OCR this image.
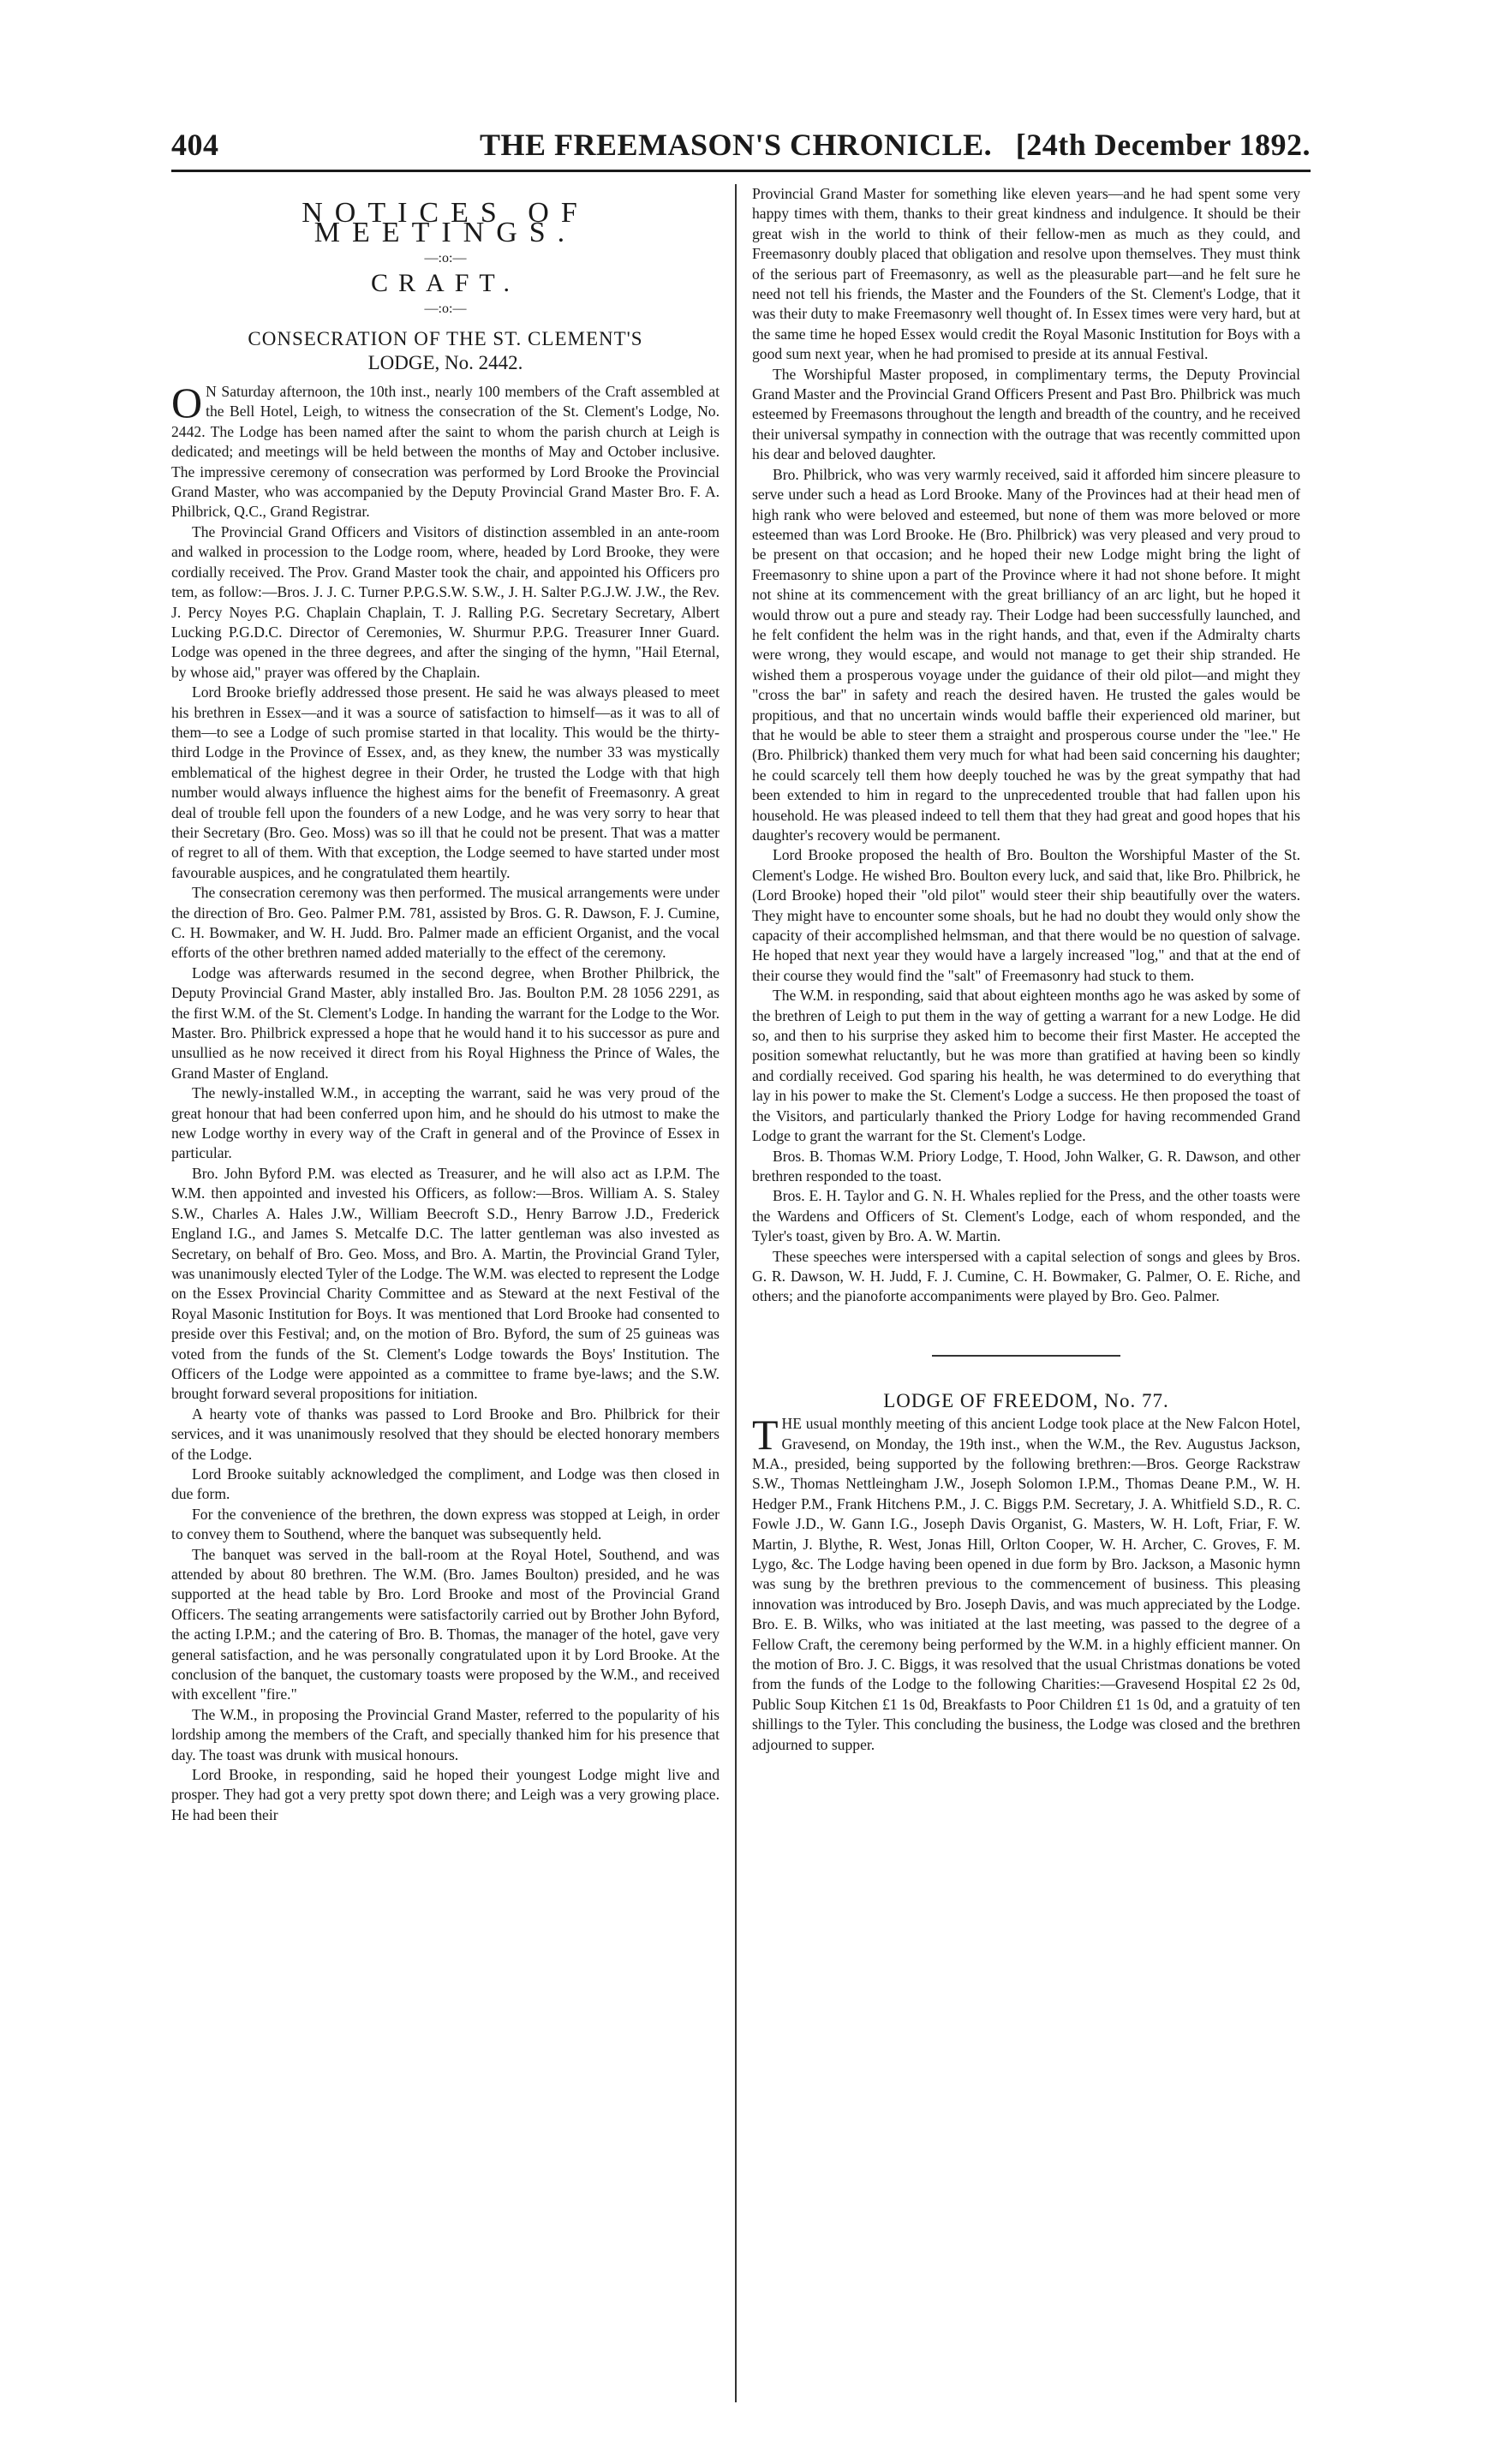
404	THE FREEMASON'S CHRONICLE. [24th December 1892.
NOTICES OF MEETINGS.
—:o:—
CRAFT.
—:o:—
CONSECRATION OF THE ST. CLEMENT'S
LODGE, No. 2442.

O N Saturday afternoon, the 10th inst., nearly 100 members of the Craft assembled at the Bell Hotel, Leigh, to witness the consecration of the St. Clement's Lodge, No. 2442. The Lodge has been named after the saint to whom the parish church at Leigh is dedicated; and meetings will be held between the months of May and October inclusive. The impressive ceremony of consecration was performed by Lord Brooke the Provincial Grand Master, who was accompanied by the Deputy Provincial Grand Master Bro. F. A. Philbrick, Q.C., Grand Registrar.

The Provincial Grand Officers and Visitors of distinction assembled in an ante-room and walked in procession to the Lodge room, where, headed by Lord Brooke, they were cordially received. The Prov. Grand Master took the chair, and appointed his Officers pro tem, as follow:—Bros. J. J. C. Turner P.P.G.S.W. S.W., J. H. Salter P.G.J.W. J.W., the Rev. J. Percy Noyes P.G. Chaplain Chaplain, T. J. Ralling P.G. Secretary Secretary, Albert Lucking P.G.D.C. Director of Ceremonies, W. Shurmur P.P.G. Treasurer Inner Guard. Lodge was opened in the three degrees, and after the singing of the hymn, "Hail Eternal, by whose aid," prayer was offered by the Chaplain.

Lord Brooke briefly addressed those present. He said he was always pleased to meet his brethren in Essex—and it was a source of satisfaction to himself—as it was to all of them—to see a Lodge of such promise started in that locality. This would be the thirty-third Lodge in the Province of Essex, and, as they knew, the number 33 was mystically emblematical of the highest degree in their Order, he trusted the Lodge with that high number would always influence the highest aims for the benefit of Freemasonry. A great deal of trouble fell upon the founders of a new Lodge, and he was very sorry to hear that their Secretary (Bro. Geo. Moss) was so ill that he could not be present. That was a matter of regret to all of them. With that exception, the Lodge seemed to have started under most favourable auspices, and he congratulated them heartily.

The consecration ceremony was then performed. The musical arrangements were under the direction of Bro. Geo. Palmer P.M. 781, assisted by Bros. G. R. Dawson, F. J. Cumine, C. H. Bowmaker, and W. H. Judd. Bro. Palmer made an efficient Organist, and the vocal efforts of the other brethren named added materially to the effect of the ceremony.

Lodge was afterwards resumed in the second degree, when Brother Philbrick, the Deputy Provincial Grand Master, ably installed Bro. Jas. Boulton P.M. 28 1056 2291, as the first W.M. of the St. Clement's Lodge. In handing the warrant for the Lodge to the Wor. Master. Bro. Philbrick expressed a hope that he would hand it to his successor as pure and unsullied as he now received it direct from his Royal Highness the Prince of Wales, the Grand Master of England.

The newly-installed W.M., in accepting the warrant, said he was very proud of the great honour that had been conferred upon him, and he should do his utmost to make the new Lodge worthy in every way of the Craft in general and of the Province of Essex in particular.

Bro. John Byford P.M. was elected as Treasurer, and he will also act as I.P.M. The W.M. then appointed and invested his Officers, as follow:—Bros. William A. S. Staley S.W., Charles A. Hales J.W., William Beecroft S.D., Henry Barrow J.D., Frederick England I.G., and James S. Metcalfe D.C. The latter gentleman was also invested as Secretary, on behalf of Bro. Geo. Moss, and Bro. A. Martin, the Provincial Grand Tyler, was unanimously elected Tyler of the Lodge. The W.M. was elected to represent the Lodge on the Essex Provincial Charity Committee and as Steward at the next Festival of the Royal Masonic Institution for Boys. It was mentioned that Lord Brooke had consented to preside over this Festival; and, on the motion of Bro. Byford, the sum of 25 guineas was voted from the funds of the St. Clement's Lodge towards the Boys' Institution. The Officers of the Lodge were appointed as a committee to frame bye-laws; and the S.W. brought forward several propositions for initiation.

A hearty vote of thanks was passed to Lord Brooke and Bro. Philbrick for their services, and it was unanimously resolved that they should be elected honorary members of the Lodge.

Lord Brooke suitably acknowledged the compliment, and Lodge was then closed in due form.

For the convenience of the brethren, the down express was stopped at Leigh, in order to convey them to Southend, where the banquet was subsequently held.

The banquet was served in the ball-room at the Royal Hotel, Southend, and was attended by about 80 brethren. The W.M. (Bro. James Boulton) presided, and he was supported at the head table by Bro. Lord Brooke and most of the Provincial Grand Officers. The seating arrangements were satisfactorily carried out by Brother John Byford, the acting I.P.M.; and the catering of Bro. B. Thomas, the manager of the hotel, gave very general satisfaction, and he was personally congratulated upon it by Lord Brooke. At the conclusion of the banquet, the customary toasts were proposed by the W.M., and received with excellent "fire."

The W.M., in proposing the Provincial Grand Master, referred to the popularity of his lordship among the members of the Craft, and specially thanked him for his presence that day. The toast was drunk with musical honours.

Lord Brooke, in responding, said he hoped their youngest Lodge might live and prosper. They had got a very pretty spot down there; and Leigh was a very growing place. He had been their

Provincial Grand Master for something like eleven years—and he had spent some very happy times with them, thanks to their great kindness and indulgence. It should be their great wish in the world to think of their fellow-men as much as they could, and Freemasonry doubly placed that obligation and resolve upon themselves. They must think of the serious part of Freemasonry, as well as the pleasurable part—and he felt sure he need not tell his friends, the Master and the Founders of the St. Clement's Lodge, that it was their duty to make Freemasonry well thought of. In Essex times were very hard, but at the same time he hoped Essex would credit the Royal Masonic Institution for Boys with a good sum next year, when he had promised to preside at its annual Festival.

The Worshipful Master proposed, in complimentary terms, the Deputy Provincial Grand Master and the Provincial Grand Officers Present and Past Bro. Philbrick was much esteemed by Freemasons throughout the length and breadth of the country, and he received their universal sympathy in connection with the outrage that was recently committed upon his dear and beloved daughter.

Bro. Philbrick, who was very warmly received, said it afforded him sincere pleasure to serve under such a head as Lord Brooke. Many of the Provinces had at their head men of high rank who were beloved and esteemed, but none of them was more beloved or more esteemed than was Lord Brooke. He (Bro. Philbrick) was very pleased and very proud to be present on that occasion; and he hoped their new Lodge might bring the light of Freemasonry to shine upon a part of the Province where it had not shone before. It might not shine at its commencement with the great brilliancy of an arc light, but he hoped it would throw out a pure and steady ray. Their Lodge had been successfully launched, and he felt confident the helm was in the right hands, and that, even if the Admiralty charts were wrong, they would escape, and would not manage to get their ship stranded. He wished them a prosperous voyage under the guidance of their old pilot—and might they "cross the bar" in safety and reach the desired haven. He trusted the gales would be propitious, and that no uncertain winds would baffle their experienced old mariner, but that he would be able to steer them a straight and prosperous course under the "lee." He (Bro. Philbrick) thanked them very much for what had been said concerning his daughter; he could scarcely tell them how deeply touched he was by the great sympathy that had been extended to him in regard to the unprecedented trouble that had fallen upon his household. He was pleased indeed to tell them that they had great and good hopes that his daughter's recovery would be permanent.

Lord Brooke proposed the health of Bro. Boulton the Worshipful Master of the St. Clement's Lodge. He wished Bro. Boulton every luck, and said that, like Bro. Philbrick, he (Lord Brooke) hoped their "old pilot" would steer their ship beautifully over the waters. They might have to encounter some shoals, but he had no doubt they would only show the capacity of their accomplished helmsman, and that there would be no question of salvage. He hoped that next year they would have a largely increased "log," and that at the end of their course they would find the "salt" of Freemasonry had stuck to them.

The W.M. in responding, said that about eighteen months ago he was asked by some of the brethren of Leigh to put them in the way of getting a warrant for a new Lodge. He did so, and then to his surprise they asked him to become their first Master. He accepted the position somewhat reluctantly, but he was more than gratified at having been so kindly and cordially received. God sparing his health, he was determined to do everything that lay in his power to make the St. Clement's Lodge a success. He then proposed the toast of the Visitors, and particularly thanked the Priory Lodge for having recommended Grand Lodge to grant the warrant for the St. Clement's Lodge.

Bros. B. Thomas W.M. Priory Lodge, T. Hood, John Walker, G. R. Dawson, and other brethren responded to the toast.

Bros. E. H. Taylor and G. N. H. Whales replied for the Press, and the other toasts were the Wardens and Officers of St. Clement's Lodge, each of whom responded, and the Tyler's toast, given by Bro. A. W. Martin.

These speeches were interspersed with a capital selection of songs and glees by Bros. G. R. Dawson, W. H. Judd, F. J. Cumine, C. H. Bowmaker, G. Palmer, O. E. Riche, and others; and the pianoforte accompaniments were played by Bro. Geo. Palmer.

LODGE OF FREEDOM, No. 77.

THE usual monthly meeting of this ancient Lodge took place at the New Falcon Hotel, Gravesend, on Monday, the 19th inst., when the W.M., the Rev. Augustus Jackson, M.A., presided, being supported by the following brethren:—Bros. George Rackstraw S.W., Thomas Nettleingham J.W., Joseph Solomon I.P.M., Thomas Deane P.M., W. H. Hedger P.M., Frank Hitchens P.M., J. C. Biggs P.M. Secretary, J. A. Whitfield S.D., R. C. Fowle J.D., W. Gann I.G., Joseph Davis Organist, G. Masters, W. H. Loft, Friar, F. W. Martin, J. Blythe, R. West, Jonas Hill, Orlton Cooper, W. H. Archer, C. Groves, F. M. Lygo, &c. The Lodge having been opened in due form by Bro. Jackson, a Masonic hymn was sung by the brethren previous to the commencement of business. This pleasing innovation was introduced by Bro. Joseph Davis, and was much appreciated by the Lodge. Bro. E. B. Wilks, who was initiated at the last meeting, was passed to the degree of a Fellow Craft, the ceremony being performed by the W.M. in a highly efficient manner. On the motion of Bro. J. C. Biggs, it was resolved that the usual Christmas donations be voted from the funds of the Lodge to the following Charities:—Gravesend Hospital £2 2s 0d, Public Soup Kitchen £1 1s 0d, Breakfasts to Poor Children £1 1s 0d, and a gratuity of ten shillings to the Tyler. This concluding the business, the Lodge was closed and the brethren adjourned to supper.
